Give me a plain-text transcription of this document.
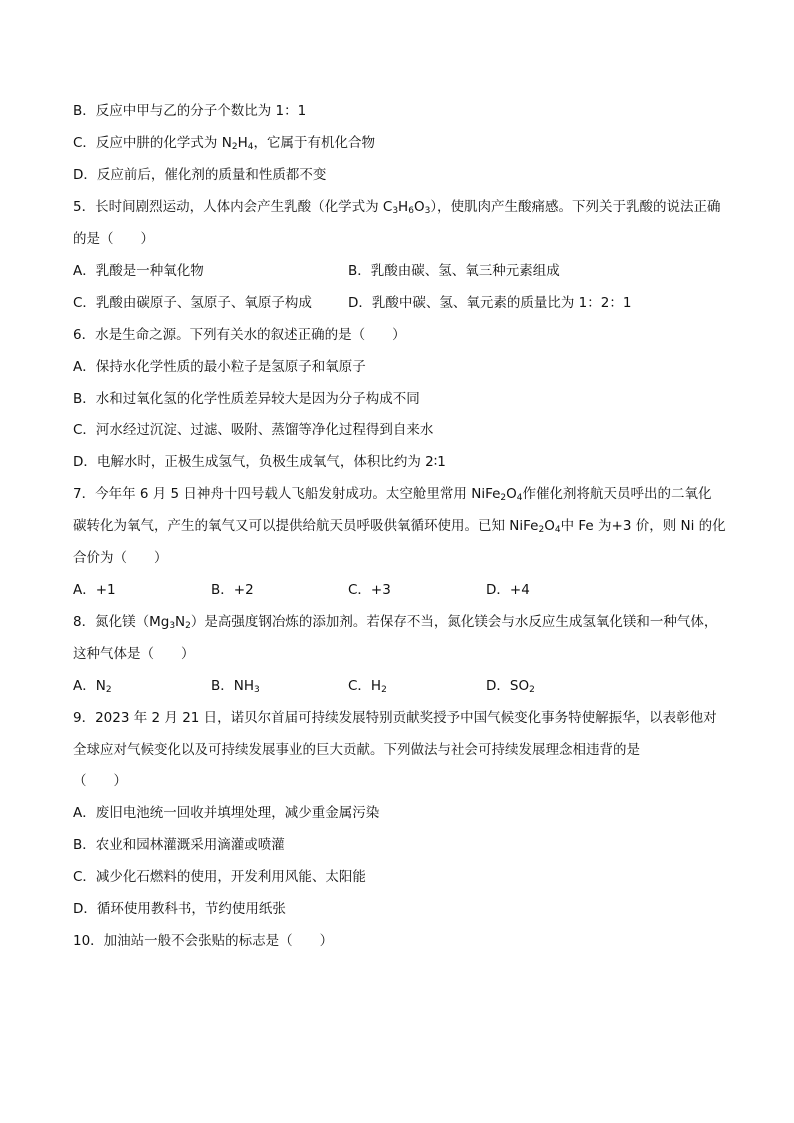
B．反应中甲与乙的分子个数比为 1：1
C．反应中肼的化学式为 $N_2H_4$，它属于有机化合物
D．反应前后，催化剂的质量和性质都不变
5．长时间剧烈运动，人体内会产生乳酸（化学式为 $C_3H_6O_3$），使肌肉产生酸痛感。下列关于乳酸的说法正确
的是（　　）
A．乳酸是一种氧化物	B．乳酸由碳、氢、氧三种元素组成
C．乳酸由碳原子、氢原子、氧原子构成	D．乳酸中碳、氢、氧元素的质量比为 1：2：1
6．水是生命之源。下列有关水的叙述正确的是（　　）
A．保持水化学性质的最小粒子是氢原子和氧原子
B．水和过氧化氢的化学性质差异较大是因为分子构成不同
C．河水经过沉淀、过滤、吸附、蒸馏等净化过程得到自来水
D．电解水时，正极生成氢气，负极生成氧气，体积比约为 2∶1
7．今年年 6 月 5 日神舟十四号载人飞船发射成功。太空舱里常用 $NiFe_2O_4$作催化剂将航天员呼出的二氧化
碳转化为氧气，产生的氧气又可以提供给航天员呼吸供氧循环使用。已知 $NiFe_2O_4$中 Fe 为+3 价，则 Ni 的化
合价为（　　）
A．+1	B．+2	C．+3	D．+4
8．氮化镁$(Mg_3N_2)$是高强度钢冶炼的添加剂。若保存不当，氮化镁会与水反应生成氢氧化镁和一种气体，
这种气体是（　　）
A．$N_2$	B．$NH_3$	C．$H_2$	D．$SO_2$
9．2023 年 2 月 21 日，诺贝尔首届可持续发展特别贡献奖授予中国气候变化事务特使解振华，以表彰他对
全球应对气候变化以及可持续发展事业的巨大贡献。下列做法与社会可持续发展理念相违背的是
（　　）
A．废旧电池统一回收并填埋处理，减少重金属污染
B．农业和园林灌溉采用滴灌或喷灌
C．减少化石燃料的使用，开发利用风能、太阳能
D．循环使用教科书，节约使用纸张
10．加油站一般不会张贴的标志是（　　）
